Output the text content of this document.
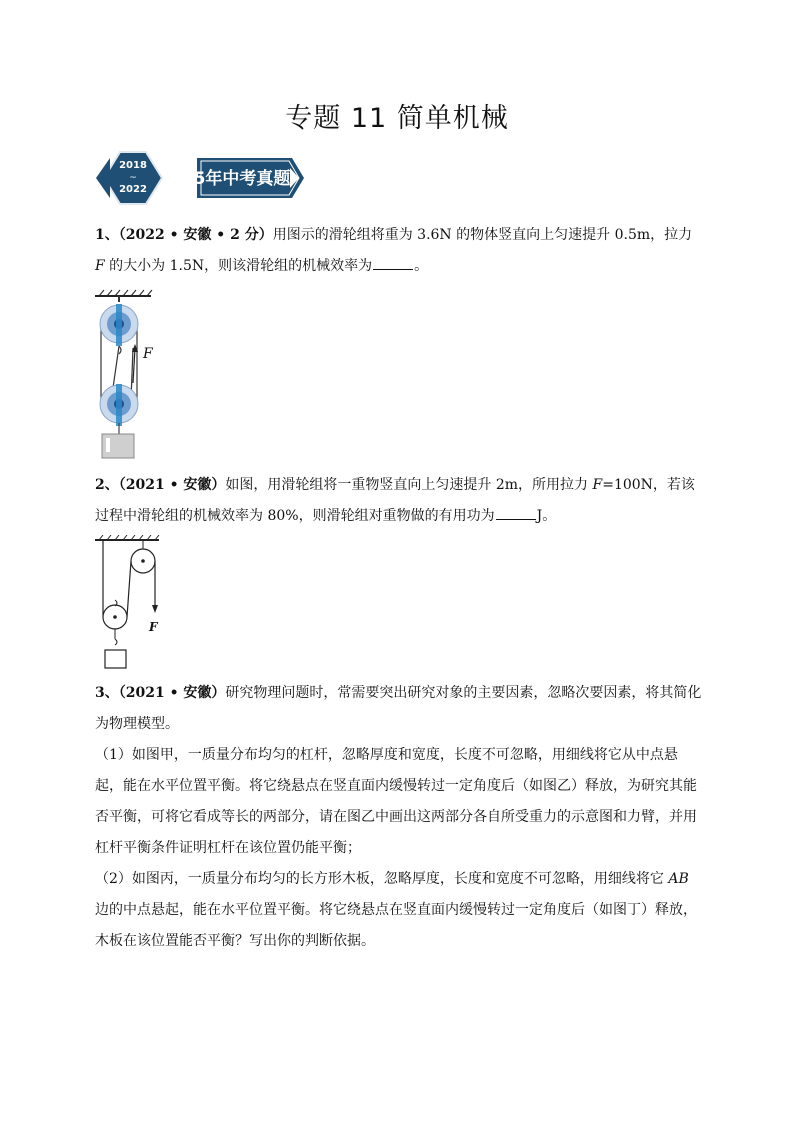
专题 11 简单机械
2018
~
2022
5年中考真题
1、（2022 • 安徽 • 2 分）用图示的滑轮组将重为 3.6N 的物体竖直向上匀速提升 0.5m，拉力 F 的大小为 1.5N，则该滑轮组的机械效率为	。
F
2、（2021 • 安徽）如图，用滑轮组将一重物竖直向上匀速提升 2m，所用拉力 F=100N，若该过程中滑轮组的机械效率为 80%，则滑轮组对重物做的有用功为	J。
F
3、（2021 • 安徽）研究物理问题时，常需要突出研究对象的主要因素，忽略次要因素，将其简化为物理模型。
（1）如图甲，一质量分布均匀的杠杆，忽略厚度和宽度，长度不可忽略，用细线将它从中点悬起，能在水平位置平衡。将它绕悬点在竖直面内缓慢转过一定角度后（如图乙）释放，为研究其能否平衡，可将它看成等长的两部分，请在图乙中画出这两部分各自所受重力的示意图和力臂，并用杠杆平衡条件证明杠杆在该位置仍能平衡；
（2）如图丙，一质量分布均匀的长方形木板，忽略厚度，长度和宽度不可忽略，用细线将它 AB 边的中点悬起，能在水平位置平衡。将它绕悬点在竖直面内缓慢转过一定角度后（如图丁）释放，木板在该位置能否平衡？写出你的判断依据。
